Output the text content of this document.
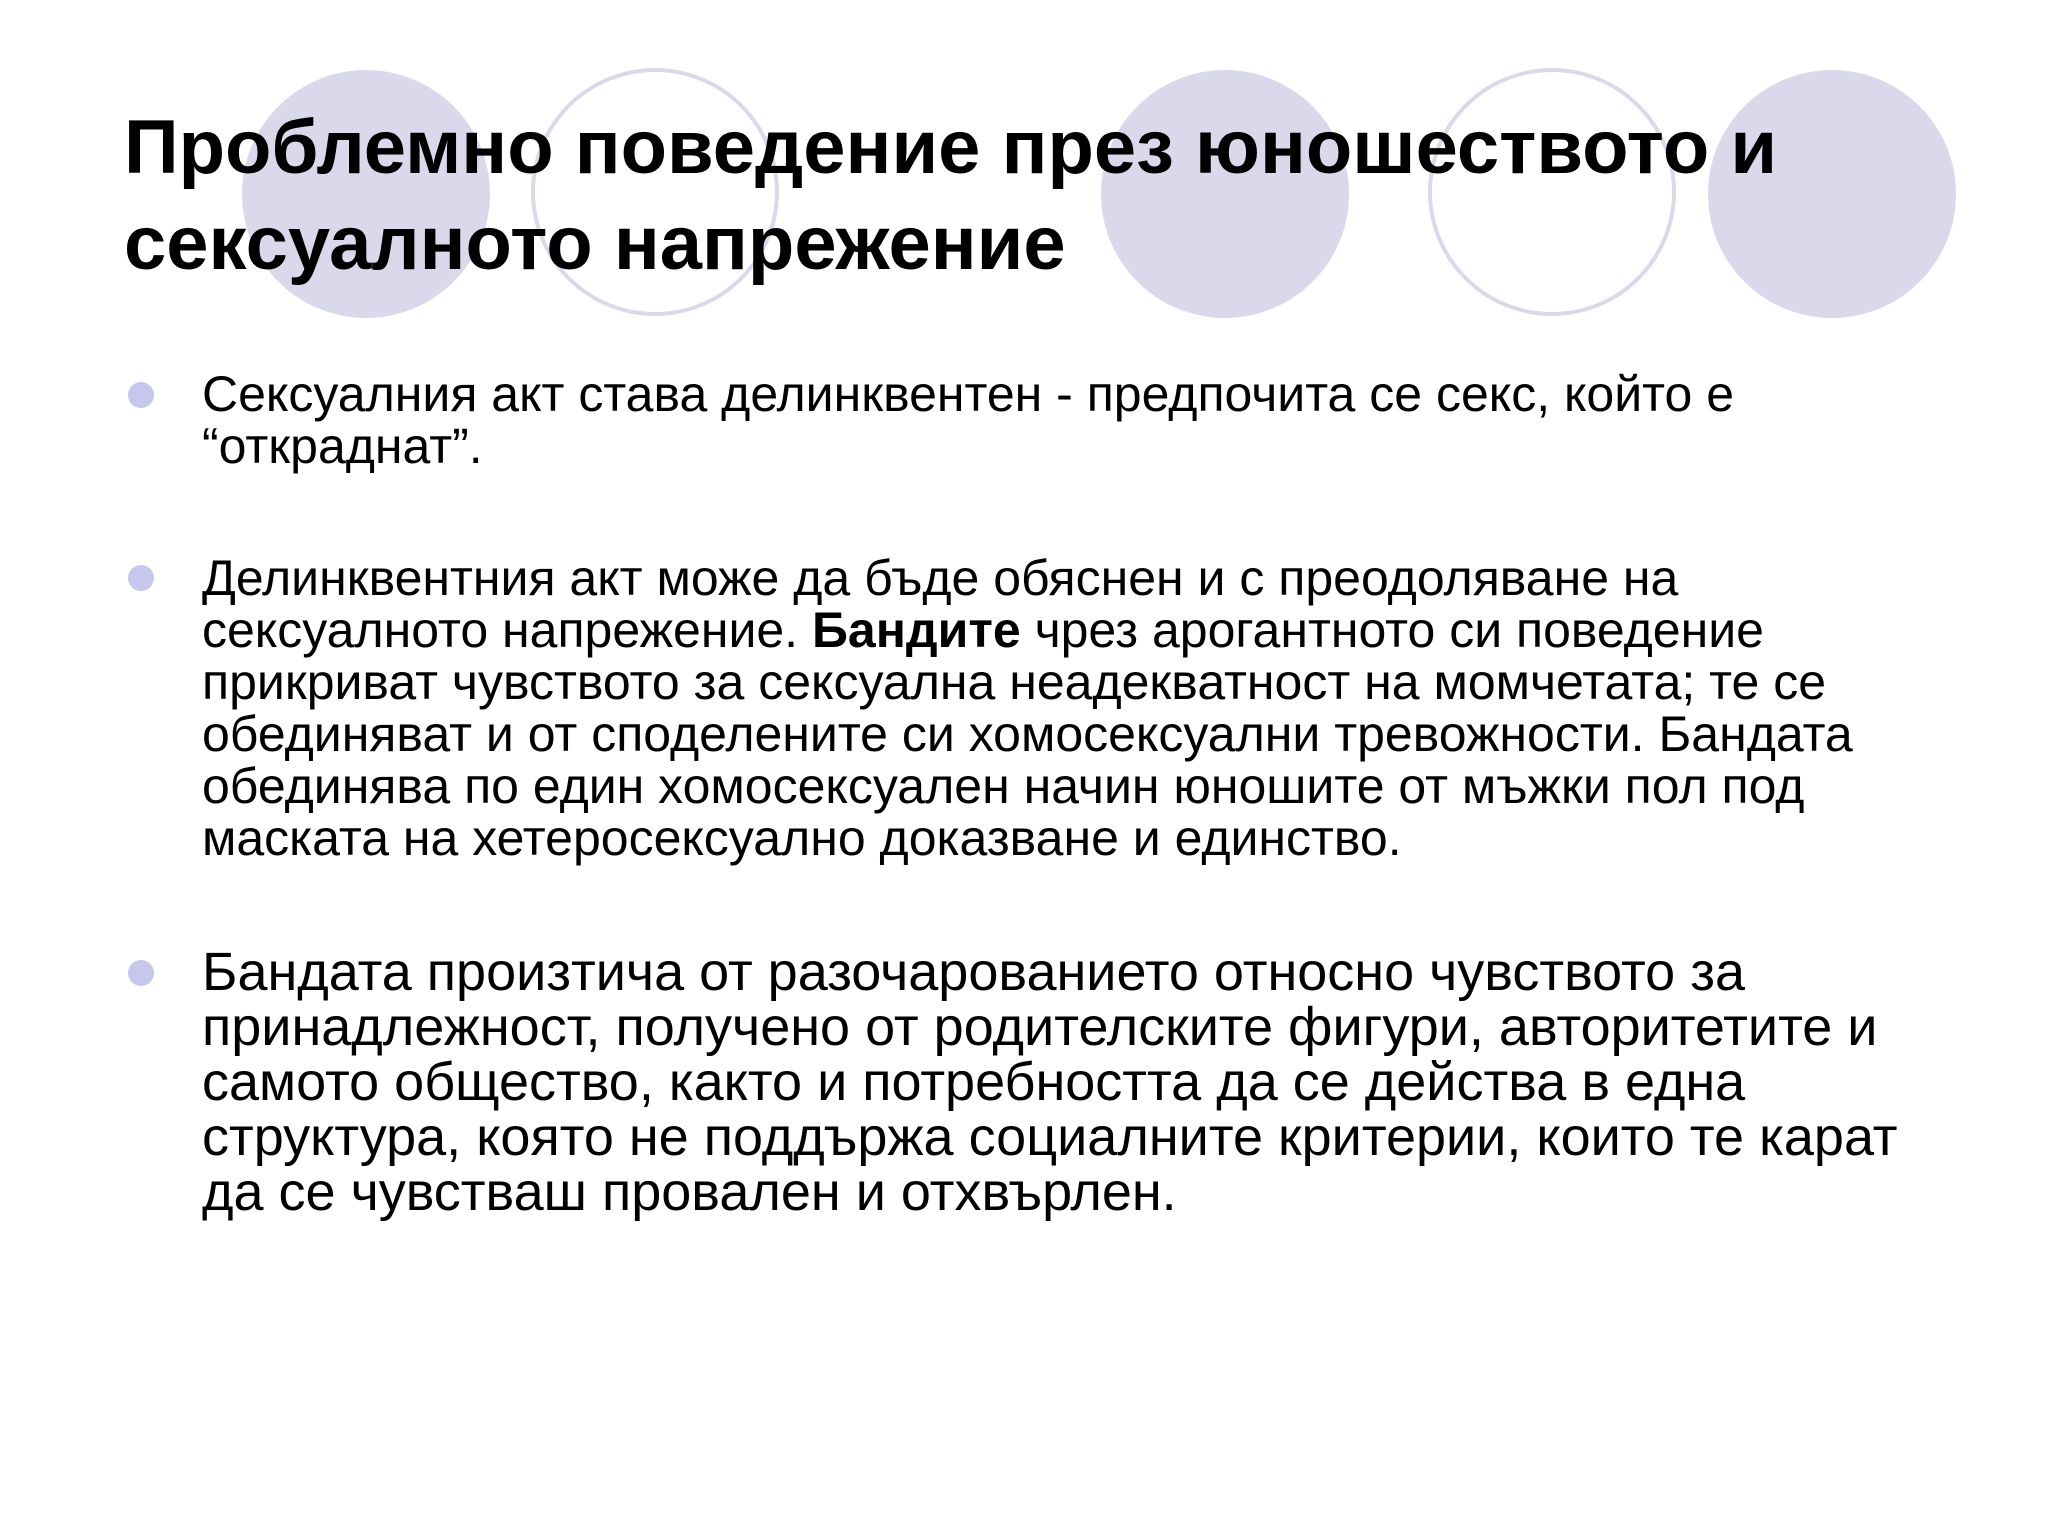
Проблемно поведение през юношеството и сексуалното напрежение
Сексуалния акт става делинквентен - предпочита се секс, който е “откраднат”.
Делинквентния акт може да бъде обяснен и с преодоляване на сексуалното напрежение. Бандите чрез арогантното си поведение прикриват чувството за сексуална неадекватност на момчетата; те се обединяват и от споделените си хомосексуални тревожности. Бандата обединява по един хомосексуален начин юношите от мъжки пол под маската на хетеросексуално доказване и единство.
Бандата произтича от разочарованието относно чувството за принадлежност, получено от родителските фигури, авторитетите и самото общество, както и потребността да се действа в една структура, която не поддържа социалните критерии, които те карат да се чувстваш провален и отхвърлен.
